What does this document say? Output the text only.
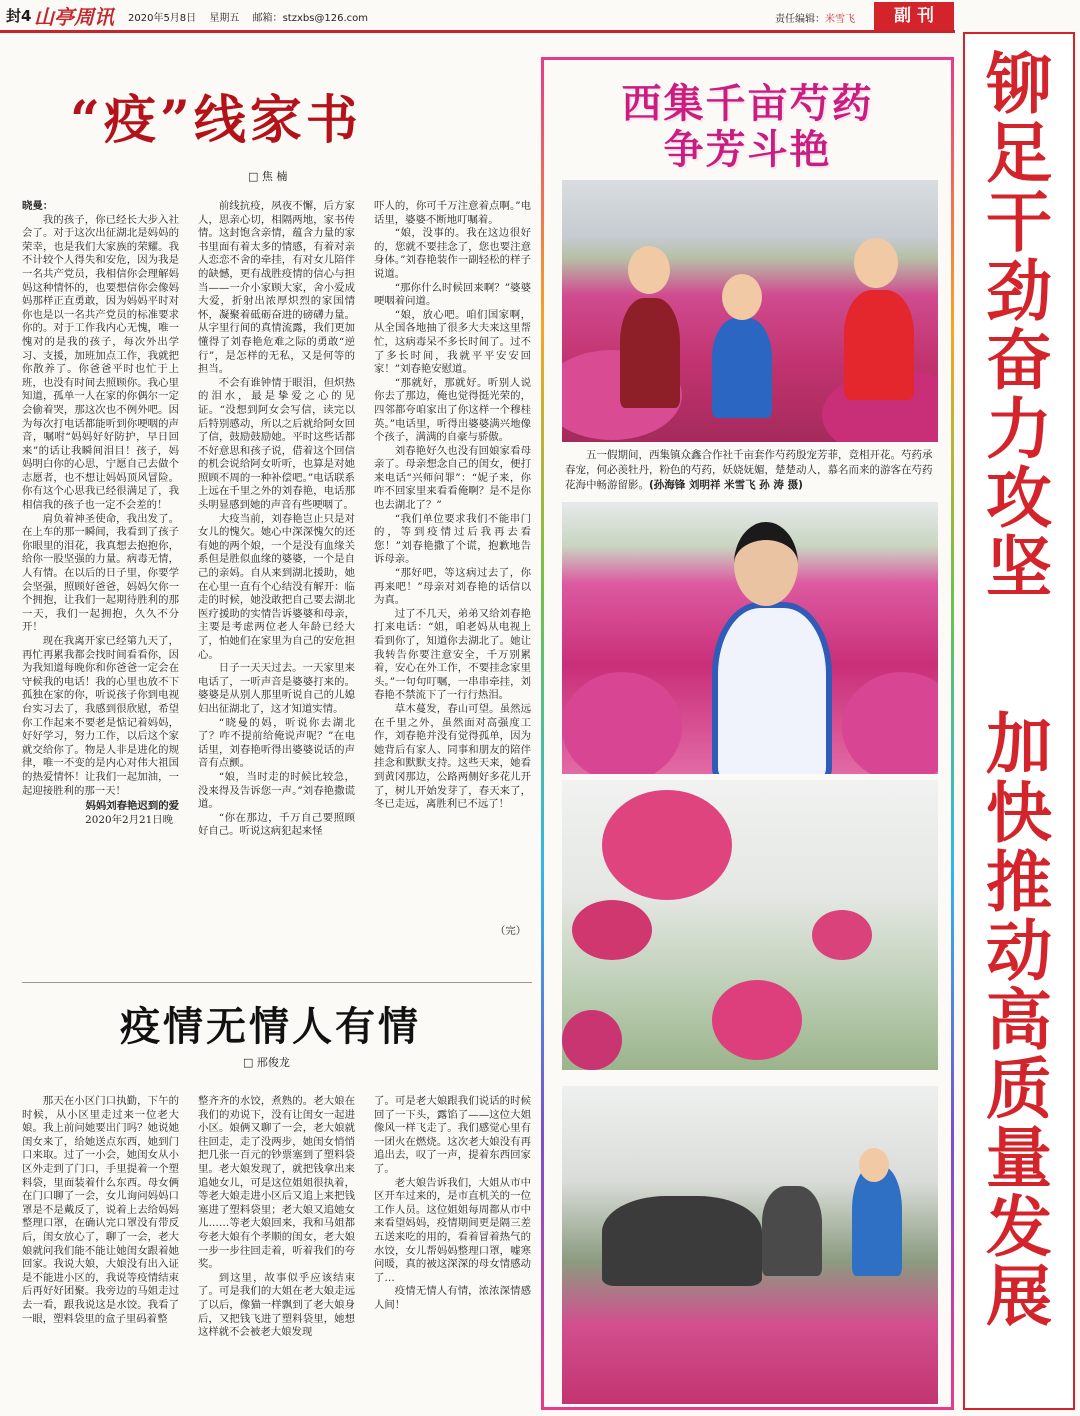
封4 山亭周讯 2020年5月8日 星期五 邮箱：stzxbs@126.com	责任编辑：米雪飞	副 刊
铆
足
干
劲
奋
力
攻
坚
加
快
推
动
高
质
量
发
展
西集千亩芍药
争芳斗艳
五一假期间，西集镇众鑫合作社千亩套作芍药殷宠芳菲，竞相开花。芍药承春宠，何必羡牡丹，粉色的芍药，妖娆妩媚，楚楚动人，慕名而来的游客在芍药花海中畅游留影。(孙海锋 刘明祥 米雪飞 孙 涛 摄)
“疫”线家书
□ 焦 楠

晓曼：

我的孩子，你已经长大步入社会了。对于这次出征湖北是妈妈的荣幸，也是我们大家族的荣耀。我不计较个人得失和安危，因为我是一名共产党员，我相信你会理解妈妈这种情怀的，也要想信你会像妈妈那样正直勇敢，因为妈妈平时对你也是以一名共产党员的标准要求你的。对于工作我内心无愧，唯一愧对的是我的孩子，每次外出学习、支援，加班加点工作，我就把你散养了。你爸爸平时也忙于上班，也没有时间去照顾你。我心里知道，孤单一人在家的你偶尔一定会偷着哭，那这次也不例外吧。因为每次打电话都能听到你哽咽的声音，嘱咐“妈妈好好防护，早日回来”的话让我瞬间泪目！孩子，妈妈明白你的心思，宁愿自己去做个志愿者，也不想让妈妈顶风冒险。你有这个心思我已经很满足了，我相信我的孩子也一定不会差的！

肩负着神圣使命，我出发了。在上车的那一瞬间，我看到了孩子你眼里的泪花，我真想去抱抱你，给你一股坚强的力量。病毒无情，人有情。在以后的日子里，你要学会坚强，照顾好爸爸，妈妈欠你一个拥抱，让我们一起期待胜利的那一天，我们一起拥抱，久久不分开！

现在我离开家已经第九天了，再忙再累我都会找时间看看你，因为我知道每晚你和你爸爸一定会在守候我的电话！我的心里也放不下孤独在家的你，听说孩子你到电视台实习去了，我感到很欣慰，希望你工作起来不要老是惦记着妈妈，好好学习，努力工作，以后这个家就交给你了。物是人非是进化的规律，唯一不变的是内心对伟大祖国的热爱情怀！让我们一起加油，一起迎接胜利的那一天！

妈妈刘春艳迟到的爱

2020年2月21日晚

前线抗疫，夙夜不懈，后方家人，思亲心切，相隔两地，家书传情。这封饱含亲情，蕴含力量的家书里面有着太多的情感，有着对亲人恋恋不舍的牵挂，有对女儿陪伴的缺憾，更有战胜疫情的信心与担当——一介小家顾大家，舍小爱成大爱，折射出浓厚炽烈的家国情怀，凝聚着砥砺奋进的磅礴力量。从字里行间的真情流露，我们更加懂得了刘春艳危难之际的勇敢“逆行”，是怎样的无私，又是何等的担当。

不会有谁钟情于眼泪，但炽热的泪水，最是挚爱之心的见证。“没想到阿女会写信，读完以后特别感动，所以之后就给阿女回了信，鼓励鼓励她。平时这些话都不好意思和孩子说，借着这个回信的机会说给阿女听听，也算是对她照顾不周的一种补偿吧。”电话联系上远在千里之外的刘春艳，电话那头明显感到她的声音有些哽咽了。

大疫当前，刘春艳岂止只是对女儿的愧欠。她心中深深愧欠的还有她的两个娘，一个是没有血缘关系但是胜似血缘的婆婆，一个是自己的亲妈。自从来到湖北援助，她在心里一直有个心结没有解开：临走的时候，她没敢把自己要去湖北医疗援助的实情告诉婆婆和母亲，主要是考虑两位老人年龄已经大了，怕她们在家里为自己的安危担心。

日子一天天过去。一天家里来电话了，一听声音是婆婆打来的。婆婆是从别人那里听说自己的儿媳妇出征湖北了，这才知道实情。

“晓曼的妈，听说你去湖北了？咋不提前给俺说声呢？”在电话里，刘春艳听得出婆婆说话的声音有点颤。

“娘，当时走的时候比较急，没来得及告诉您一声。”刘春艳撒谎道。

“你在那边，千万自己要照顾好自己。听说这病犯起来怪

吓人的，你可千万注意着点啊。”电话里，婆婆不断地叮嘱着。

“娘，没事的。我在这边很好的，您就不要挂念了，您也要注意身体。”刘春艳装作一副轻松的样子说道。

“那你什么时候回来啊？”婆婆哽咽着问道。

“娘，放心吧。咱们国家啊，从全国各地抽了很多大夫来这里帮忙，这病毒呆不多长时间了。过不了多长时间，我就平平安安回家！”刘春艳安慰道。

“那就好，那就好。听别人说你去了那边，俺也觉得挺光荣的，四邻都夸咱家出了你这样一个穆桂英。”电话里，听得出婆婆满兴地像个孩子，满满的自豪与骄傲。

刘春艳好久也没有回娘家看母亲了。母亲想念自己的闺女，便打来电话“兴师问罪”：“妮子来，你咋不回家里来看看俺啊？是不是你也去湖北了？”

“我们单位要求我们不能串门的，等到疫情过后我再去看您！”刘春艳撒了个谎，抱歉地告诉母亲。

“那好吧，等这病过去了，你再来吧！”母亲对刘春艳的话信以为真。

过了不几天，弟弟又给刘春艳打来电话：“姐，咱老妈从电视上看到你了，知道你去湖北了。她让我转告你要注意安全，千万别累着，安心在外工作，不要挂念家里头。”一句句叮嘱，一串串牵挂，刘春艳不禁流下了一行行热泪。

草木蔓发，春山可望。虽然远在千里之外，虽然面对高强度工作，刘春艳并没有觉得孤单，因为她背后有家人、同事和朋友的陪伴挂念和默默支持。这些天来，她看到黄冈那边，公路两侧好多花儿开了，树儿开始发芽了，春天来了，冬已走远，离胜利已不远了！

（完）
疫情无情人有情
□ 邢俊龙

那天在小区门口执勤，下午的时候，从小区里走过来一位老大娘。我上前问她要出门吗？她说她闺女来了，给她送点东西，她到门口来取。过了一小会，她闺女从小区外走到了门口，手里提着一个塑料袋，里面装着什么东西。母女俩在门口聊了一会，女儿询问妈妈口罩是不是戴反了，说着上去给妈妈整理口罩，在确认完口罩没有带反后，闺女放心了，聊了一会，老大娘就问我们能不能让她闺女跟着她回家。我说大娘，大娘没有出入证是不能进小区的，我说等疫情结束后再好好团聚。我旁边的马姐走过去一看，跟我说这是水饺。我看了一眼，塑料袋里的盒子里码着整

整齐齐的水饺，煮熟的。老大娘在我们的劝说下，没有让闺女一起进小区。娘俩又聊了一会，老大娘就往回走，走了没两步，她闺女悄悄把几张一百元的钞票塞到了塑料袋里。老大娘发现了，就把钱拿出来追她女儿，可是这位姐姐很执着，等老大娘走进小区后又追上来把钱塞进了塑料袋里；老大娘又追她女儿……等老大娘回来，我和马姐都夸老大娘有个孝顺的闺女，老大娘一步一步往回走着，听着我们的夸奖。

到这里，故事似乎应该结束了。可是我们的大姐在老大娘走远了以后，像猫一样飘到了老大娘身后，又把钱飞进了塑料袋里，她想这样就不会被老大娘发现

了。可是老大娘跟我们说话的时候回了一下头，露馅了——这位大姐像风一样飞走了。我们感觉心里有一团火在燃烧。这次老大娘没有再追出去，叹了一声，提着东西回家了。

老大娘告诉我们，大姐从市中区开车过来的，是市直机关的一位工作人员。这位姐姐每周都从市中来看望妈妈，疫情期间更是隔三差五送来吃的用的，看着冒着热气的水饺，女儿帮妈妈整理口罩，嘘寒问暖，真的被这深深的母女情感动了…

疫情无情人有情，浓浓深情感人间！
